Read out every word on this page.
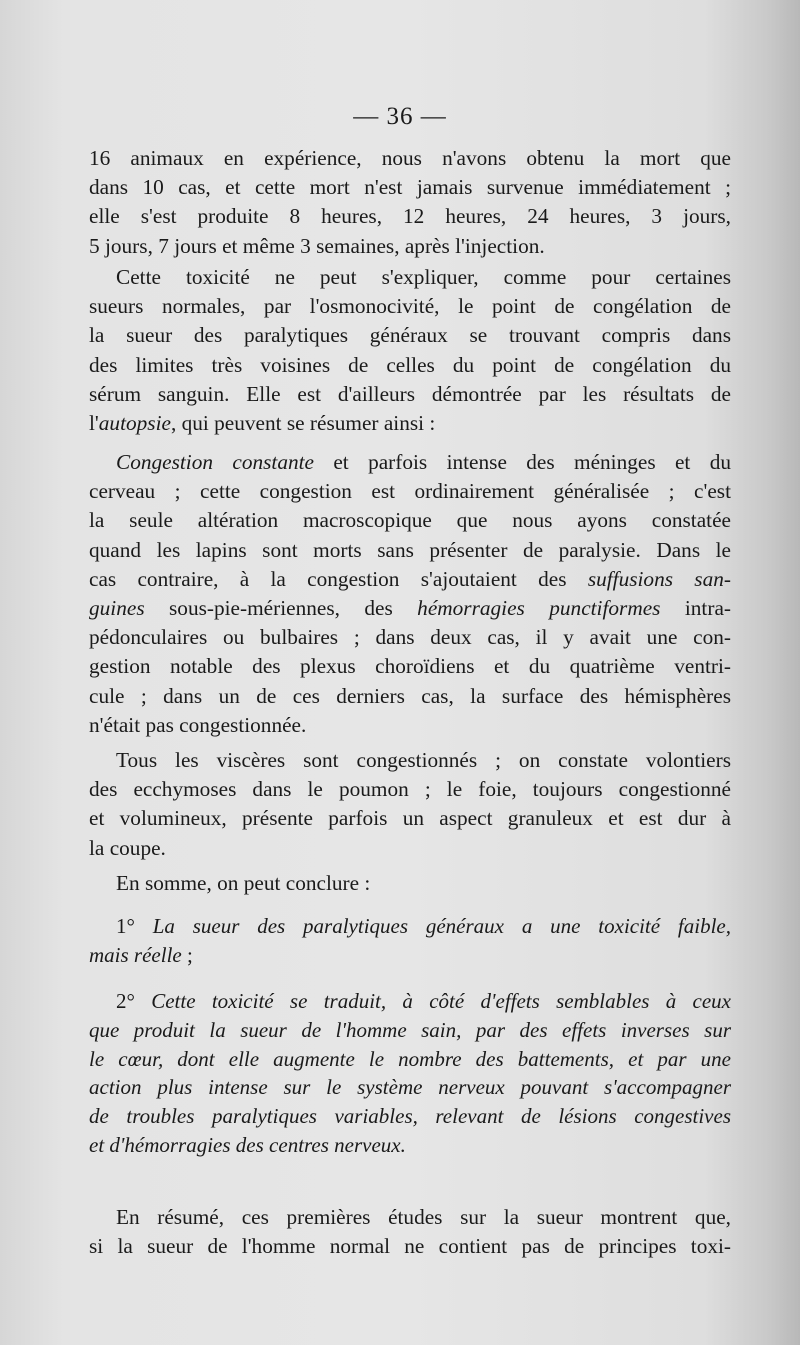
— 36 —
16 animaux en expérience, nous n'avons obtenu la mort que
dans 10 cas, et cette mort n'est jamais survenue immédiatement ;
elle s'est produite 8 heures, 12 heures, 24 heures, 3 jours,
5 jours, 7 jours et même 3 semaines, après l'injection.
Cette toxicité ne peut s'expliquer, comme pour certaines
sueurs normales, par l'osmonocivité, le point de congélation de
la sueur des paralytiques généraux se trouvant compris dans
des limites très voisines de celles du point de congélation du
sérum sanguin. Elle est d'ailleurs démontrée par les résultats de
l'autopsie, qui peuvent se résumer ainsi :
Congestion constante et parfois intense des méninges et du
cerveau ; cette congestion est ordinairement généralisée ; c'est
la seule altération macroscopique que nous ayons constatée
quand les lapins sont morts sans présenter de paralysie. Dans le
cas contraire, à la congestion s'ajoutaient des suffusions san-
guines sous-pie-mériennes, des hémorragies punctiformes intra-
pédonculaires ou bulbaires ; dans deux cas, il y avait une con-
gestion notable des plexus choroïdiens et du quatrième ventri-
cule ; dans un de ces derniers cas, la surface des hémisphères
n'était pas congestionnée.
Tous les viscères sont congestionnés ; on constate volontiers
des ecchymoses dans le poumon ; le foie, toujours congestionné
et volumineux, présente parfois un aspect granuleux et est dur à
la coupe.
En somme, on peut conclure :
1° La sueur des paralytiques généraux a une toxicité faible,
mais réelle ;
2° Cette toxicité se traduit, à côté d'effets semblables à ceux
que produit la sueur de l'homme sain, par des effets inverses sur
le cœur, dont elle augmente le nombre des battements, et par une
action plus intense sur le système nerveux pouvant s'accompagner
de troubles paralytiques variables, relevant de lésions congestives
et d'hémorragies des centres nerveux.
En résumé, ces premières études sur la sueur montrent que,
si la sueur de l'homme normal ne contient pas de principes toxi-
